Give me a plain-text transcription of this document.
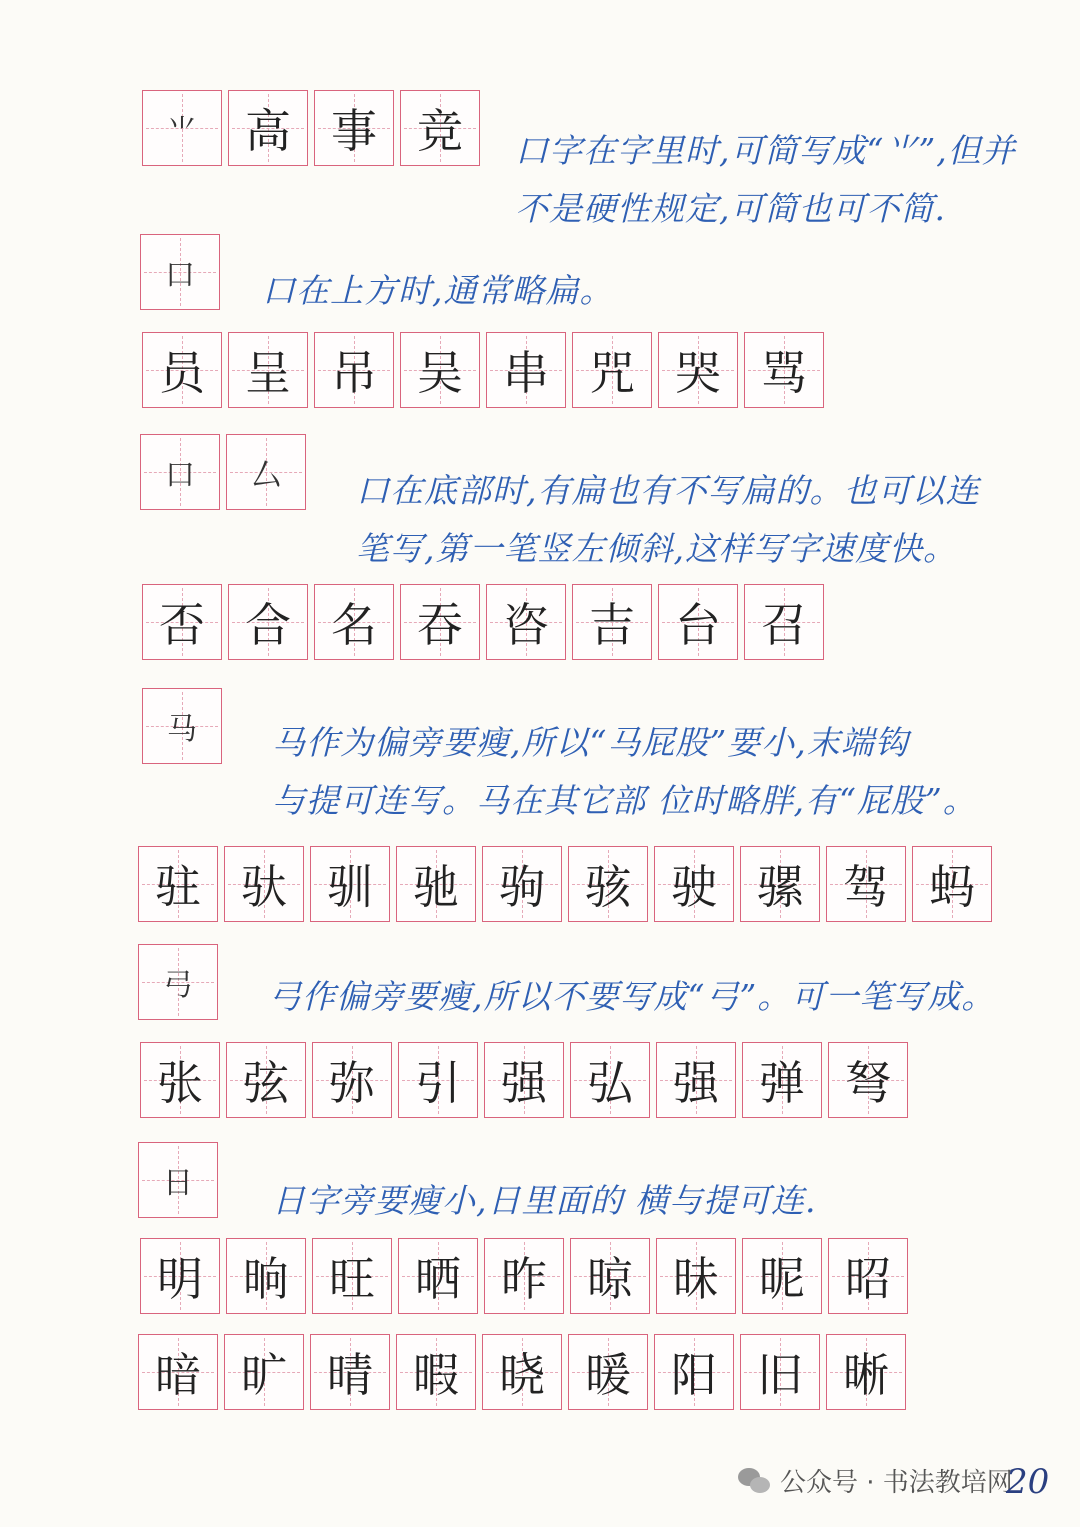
⺌ 高 事 竞 口字在字里时,可简写成“⺌”,但并
不是硬性规定,可简也可不简.
口 口在上方时,通常略扁。
员 呈 吊 吴 串 咒 哭 骂
口 厶 口在底部时,有扁也有不写扁的。也可以连
笔写,第一笔竖左倾斜,这样写字速度快。
否 合 名 吞 咨 吉 台 召
马 马作为偏旁要瘦,所以“马屁股”要小,末端钩
与提可连写。马在其它部 位时略胖,有“屁股”。
驻 驮 驯 驰 驹 骇 驶 骡 驾 蚂
弓 弓作偏旁要瘦,所以不要写成“弓”。可一笔写成。
张 弦 弥 引 强 弘 强 弹 弩
日 日字旁要瘦小,日里面的 横与提可连.
明 晌 旺 晒 昨 晾 昧 昵 昭
暗 旷 晴 暇 晓 暖 阳 旧 晰
公众号 · 书法教培网
20
